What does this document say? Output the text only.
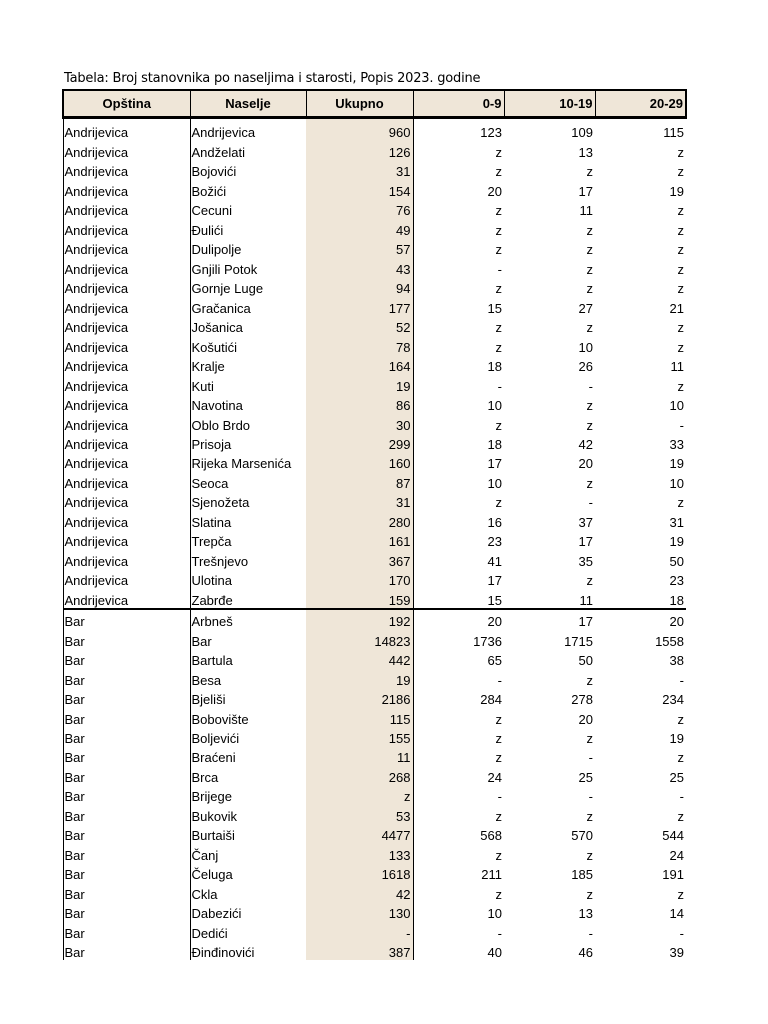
Tabela: Broj stanovnika po naseljima i starosti, Popis 2023. godine
Opština	Naselje	Ukupno	0-9	10-19	20-29
Andrijevica	Andrijevica	960	123	109	115
Andrijevica	Andželati	126	z	13	z
Andrijevica	Bojovići	31	z	z	z
Andrijevica	Božići	154	20	17	19
Andrijevica	Cecuni	76	z	11	z
Andrijevica	Đulići	49	z	z	z
Andrijevica	Dulipolje	57	z	z	z
Andrijevica	Gnjili Potok	43	-	z	z
Andrijevica	Gornje Luge	94	z	z	z
Andrijevica	Gračanica	177	15	27	21
Andrijevica	Jošanica	52	z	z	z
Andrijevica	Košutići	78	z	10	z
Andrijevica	Kralje	164	18	26	11
Andrijevica	Kuti	19	-	-	z
Andrijevica	Navotina	86	10	z	10
Andrijevica	Oblo Brdo	30	z	z	-
Andrijevica	Prisoja	299	18	42	33
Andrijevica	Rijeka Marsenića	160	17	20	19
Andrijevica	Seoca	87	10	z	10
Andrijevica	Sjenožeta	31	z	-	z
Andrijevica	Slatina	280	16	37	31
Andrijevica	Trepča	161	23	17	19
Andrijevica	Trešnjevo	367	41	35	50
Andrijevica	Ulotina	170	17	z	23
Andrijevica	Zabrđe	159	15	11	18
Bar	Arbneš	192	20	17	20
Bar	Bar	14823	1736	1715	1558
Bar	Bartula	442	65	50	38
Bar	Besa	19	-	z	-
Bar	Bjeliši	2186	284	278	234
Bar	Bobovište	115	z	20	z
Bar	Boljevići	155	z	z	19
Bar	Braćeni	11	z	-	z
Bar	Brca	268	24	25	25
Bar	Brijege	z	-	-	-
Bar	Bukovik	53	z	z	z
Bar	Burtaiši	4477	568	570	544
Bar	Čanj	133	z	z	24
Bar	Čeluga	1618	211	185	191
Bar	Ckla	42	z	z	z
Bar	Dabezići	130	10	13	14
Bar	Dedići	-	-	-	-
Bar	Đinđinovići	387	40	46	39
